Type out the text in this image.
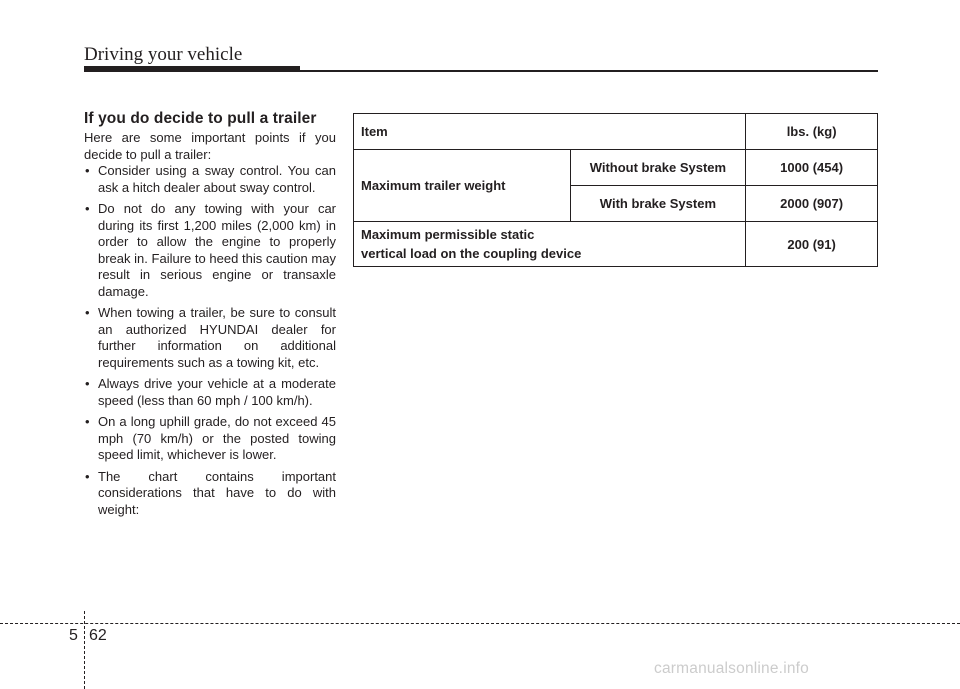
Driving your vehicle
If you do decide to pull a trailer
Here are some important points if you decide to pull a trailer:
• Consider using a sway control. You can ask a hitch dealer about sway control.
• Do not do any towing with your car during its first 1,200 miles (2,000 km) in order to allow the engine to properly break in. Failure to heed this caution may result in serious engine or transaxle damage.
• When towing a trailer, be sure to consult an authorized HYUNDAI dealer for further information on additional requirements such as a towing kit, etc.
• Always drive your vehicle at a moderate speed (less than 60 mph / 100 km/h).
• On a long uphill grade, do not exceed 45 mph (70 km/h) or the posted towing speed limit, whichever is lower.
• The chart contains important considerations that have to do with weight:
Item		lbs. (kg)
Maximum trailer weight	Without brake System	1000 (454)
	With brake System	2000 (907)

Maximum permissible static
vertical load on the coupling device		200 (91)
5 62
carmanualsonline.info
